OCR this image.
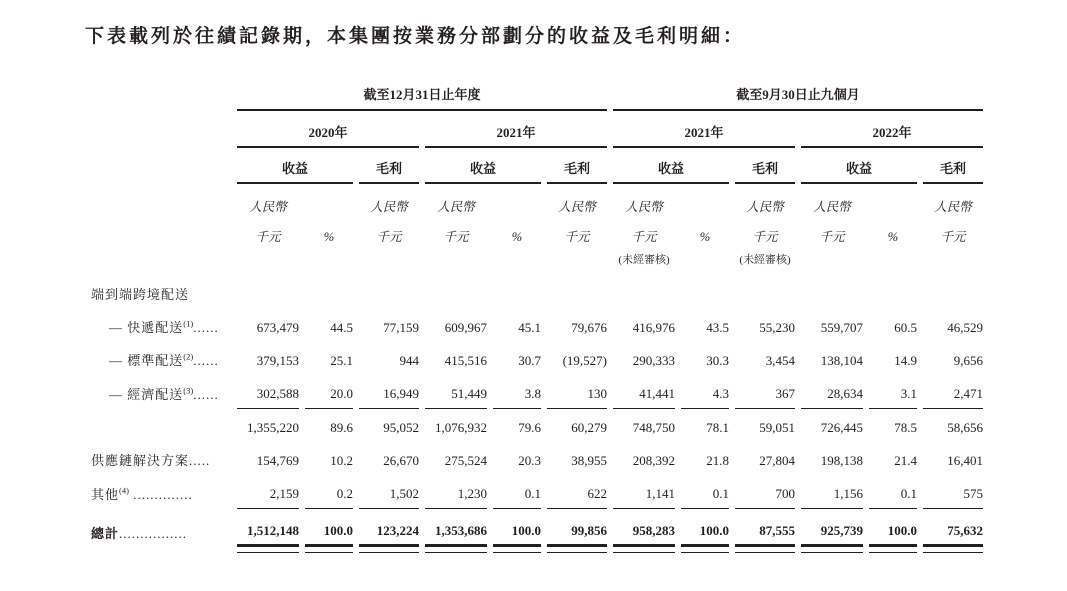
下表載列於往績記錄期，本集團按業務分部劃分的收益及毛利明細：
	截至12月31日止年度						截至9月30日止九個月					
	2020年			2021年			2021年			2022年		
	收益		毛利	收益		毛利	收益		毛利	收益		毛利
	人民幣		人民幣	人民幣		人民幣	人民幣		人民幣	人民幣		人民幣
	千元	%	千元	千元	%	千元	千元	%	千元	千元	%	千元
							(未經審核)		(未經審核)			
端到端跨境配送												
— 快遞配送$^{(1)}$......	673,479	44.5	77,159	609,967	45.1	79,676	416,976	43.5	55,230	559,707	60.5	46,529
— 標準配送$^{(2)}$......	379,153	25.1	944	415,516	30.7	(19,527)	290,333	30.3	3,454	138,104	14.9	9,656
— 經濟配送$^{(3)}$......	302,588	20.0	16,949	51,449	3.8	130	41,441	4.3	367	28,634	3.1	2,471
	1,355,220	89.6	95,052	1,076,932	79.6	60,279	748,750	78.1	59,051	726,445	78.5	58,656
供應鏈解決方案.....	154,769	10.2	26,670	275,524	20.3	38,955	208,392	21.8	27,804	198,138	21.4	16,401
其他$^{(4)}$ ..............	2,159	0.2	1,502	1,230	0.1	622	1,141	0.1	700	1,156	0.1	575
總計................	1,512,148	100.0	123,224	1,353,686	100.0	99,856	958,283	100.0	87,555	925,739	100.0	75,632
